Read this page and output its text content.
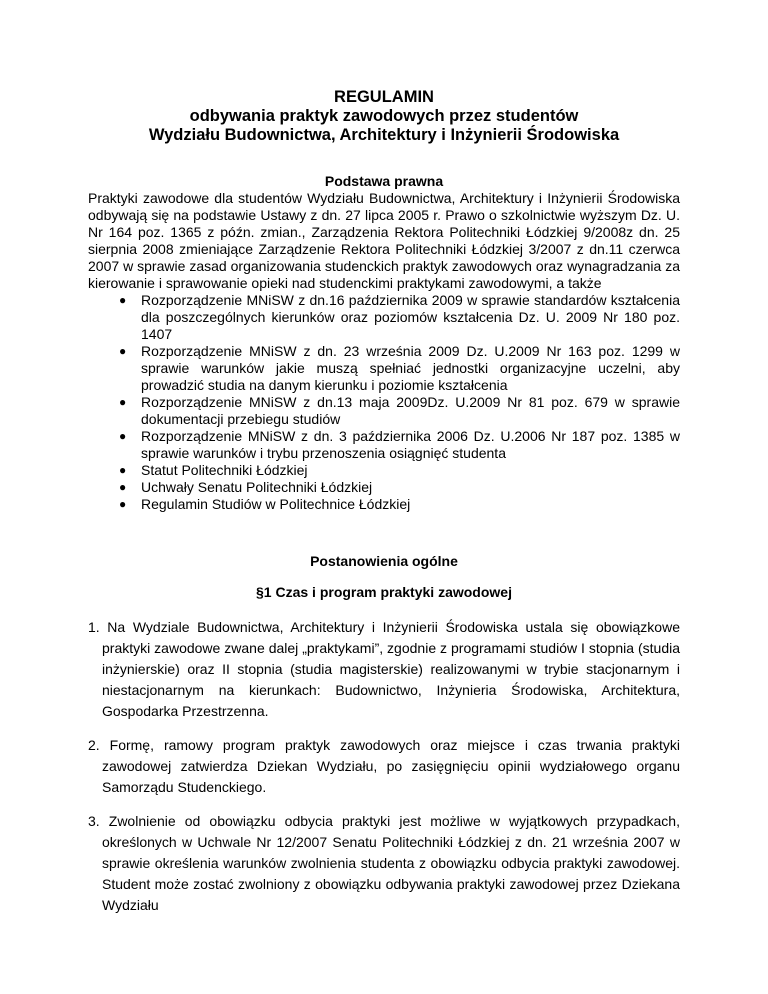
REGULAMIN
odbywania praktyk zawodowych przez studentów
Wydziału Budownictwa, Architektury i Inżynierii Środowiska
Podstawa prawna
Praktyki zawodowe dla studentów Wydziału Budownictwa, Architektury i Inżynierii Środowiska odbywają się na podstawie Ustawy z dn. 27 lipca 2005 r. Prawo o szkolnictwie wyższym Dz. U. Nr 164 poz. 1365 z późn. zmian., Zarządzenia Rektora Politechniki Łódzkiej 9/2008z dn. 25 sierpnia 2008 zmieniające Zarządzenie Rektora Politechniki Łódzkiej 3/2007 z dn.11 czerwca 2007 w sprawie zasad organizowania studenckich praktyk zawodowych oraz wynagradzania za kierowanie i sprawowanie opieki nad studenckimi praktykami zawodowymi, a także
● Rozporządzenie MNiSW z dn.16 października 2009 w sprawie standardów kształcenia dla poszczególnych kierunków oraz poziomów kształcenia Dz. U. 2009 Nr 180 poz. 1407
● Rozporządzenie MNiSW z dn. 23 września 2009 Dz. U.2009 Nr 163 poz. 1299 w sprawie warunków jakie muszą spełniać jednostki organizacyjne uczelni, aby prowadzić studia na danym kierunku i poziomie kształcenia
● Rozporządzenie MNiSW z dn.13 maja 2009Dz. U.2009 Nr 81 poz. 679 w sprawie dokumentacji przebiegu studiów
● Rozporządzenie MNiSW z dn. 3 października 2006 Dz. U.2006 Nr 187 poz. 1385 w sprawie warunków i trybu przenoszenia osiągnięć studenta
● Statut Politechniki Łódzkiej
● Uchwały Senatu Politechniki Łódzkiej
● Regulamin Studiów w Politechnice Łódzkiej
Postanowienia ogólne
§1 Czas i program praktyki zawodowej
1. Na Wydziale Budownictwa, Architektury i Inżynierii Środowiska ustala się obowiązkowe praktyki zawodowe zwane dalej „praktykami”, zgodnie z programami studiów I stopnia (studia inżynierskie) oraz II stopnia (studia magisterskie) realizowanymi w trybie stacjonarnym i niestacjonarnym na kierunkach: Budownictwo, Inżynieria Środowiska, Architektura, Gospodarka Przestrzenna.
2. Formę, ramowy program praktyk zawodowych oraz miejsce i czas trwania praktyki zawodowej zatwierdza Dziekan Wydziału, po zasięgnięciu opinii wydziałowego organu Samorządu Studenckiego.
3. Zwolnienie od obowiązku odbycia praktyki jest możliwe w wyjątkowych przypadkach, określonych w Uchwale Nr 12/2007 Senatu Politechniki Łódzkiej z dn. 21 września 2007 w sprawie określenia warunków zwolnienia studenta z obowiązku odbycia praktyki zawodowej. Student może zostać zwolniony z obowiązku odbywania praktyki zawodowej przez Dziekana Wydziału
